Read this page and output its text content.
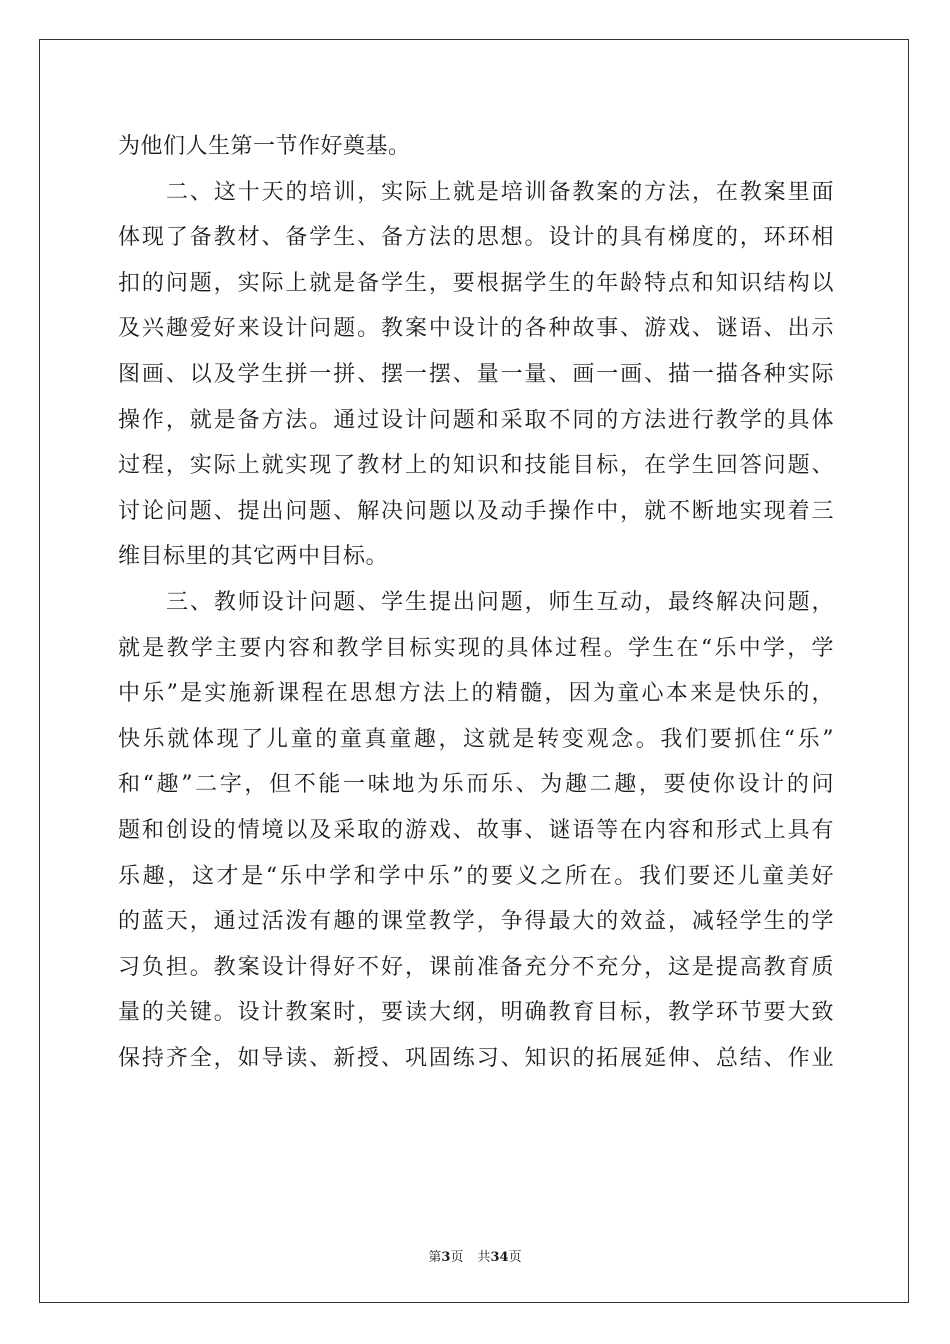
为他们人生第一节作好奠基。
二、这十天的培训，实际上就是培训备教案的方法，在教案里面
体现了备教材、备学生、备方法的思想。设计的具有梯度的，环环相
扣的问题，实际上就是备学生，要根据学生的年龄特点和知识结构以
及兴趣爱好来设计问题。教案中设计的各种故事、游戏、谜语、出示
图画、以及学生拼一拼、摆一摆、量一量、画一画、描一描各种实际
操作，就是备方法。通过设计问题和采取不同的方法进行教学的具体
过程，实际上就实现了教材上的知识和技能目标，在学生回答问题、
讨论问题、提出问题、解决问题以及动手操作中，就不断地实现着三
维目标里的其它两中目标。
三、教师设计问题、学生提出问题，师生互动，最终解决问题，
就是教学主要内容和教学目标实现的具体过程。学生在“乐中学，学
中乐”是实施新课程在思想方法上的精髓，因为童心本来是快乐的，
快乐就体现了儿童的童真童趣，这就是转变观念。我们要抓住“乐”
和“趣”二字，但不能一味地为乐而乐、为趣二趣，要使你设计的问
题和创设的情境以及采取的游戏、故事、谜语等在内容和形式上具有
乐趣，这才是“乐中学和学中乐”的要义之所在。我们要还儿童美好
的蓝天，通过活泼有趣的课堂教学，争得最大的效益，减轻学生的学
习负担。教案设计得好不好，课前准备充分不充分，这是提高教育质
量的关键。设计教案时，要读大纲，明确教育目标，教学环节要大致
保持齐全，如导读、新授、巩固练习、知识的拓展延伸、总结、作业
第3页 共34页
